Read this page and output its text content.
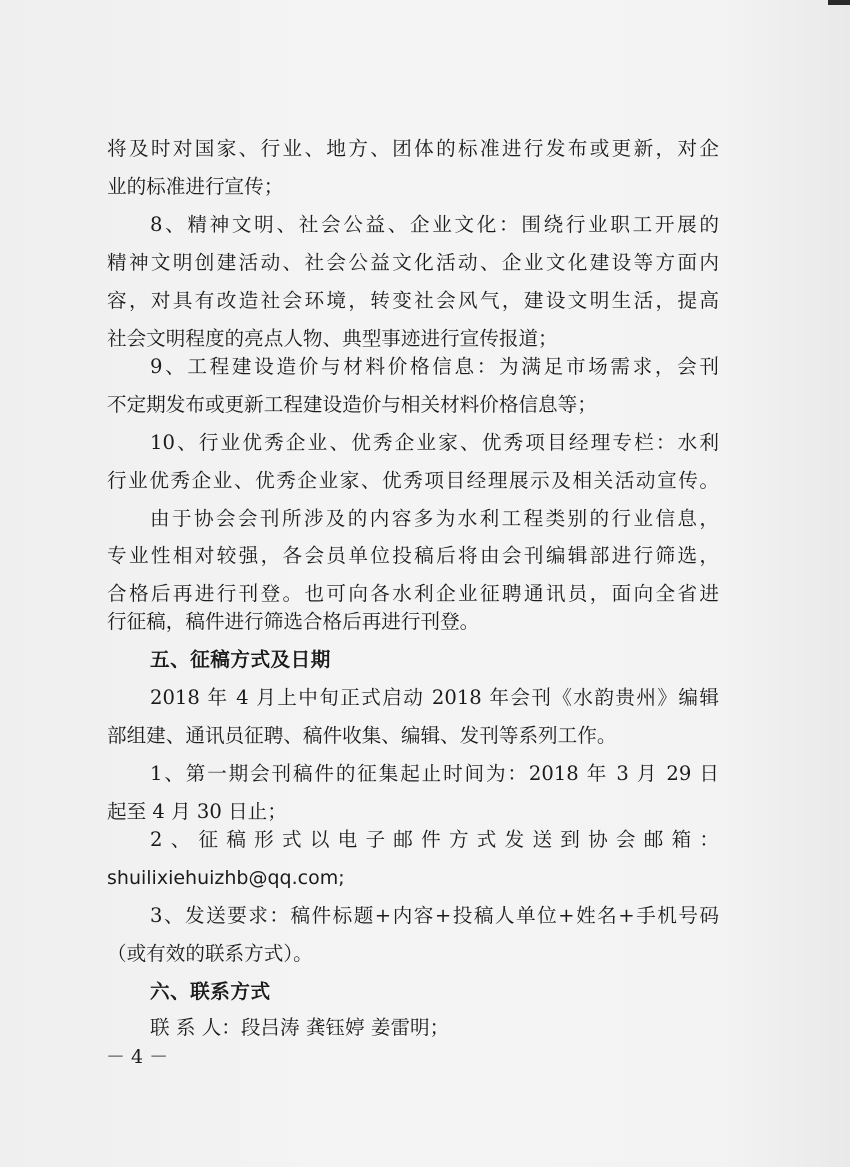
将及时对国家、行业、地方、团体的标准进行发布或更新，对企
业的标准进行宣传；
8、精神文明、社会公益、企业文化：围绕行业职工开展的
精神文明创建活动、社会公益文化活动、企业文化建设等方面内
容，对具有改造社会环境，转变社会风气，建设文明生活，提高
社会文明程度的亮点人物、典型事迹进行宣传报道；
9、工程建设造价与材料价格信息：为满足市场需求，会刊
不定期发布或更新工程建设造价与相关材料价格信息等；
10、行业优秀企业、优秀企业家、优秀项目经理专栏：水利
行业优秀企业、优秀企业家、优秀项目经理展示及相关活动宣传。
由于协会会刊所涉及的内容多为水利工程类别的行业信息，
专业性相对较强，各会员单位投稿后将由会刊编辑部进行筛选，
合格后再进行刊登。也可向各水利企业征聘通讯员，面向全省进
行征稿，稿件进行筛选合格后再进行刊登。
五、征稿方式及日期
2018 年 4 月上中旬正式启动 2018 年会刊《水韵贵州》编辑
部组建、通讯员征聘、稿件收集、编辑、发刊等系列工作。
1、第一期会刊稿件的征集起止时间为：2018 年 3 月 29 日
起至 4 月 30 日止；
2、征稿形式以电子邮件方式发送到协会邮箱：
shuilixiehuizhb@qq.com;
3、发送要求：稿件标题+内容+投稿人单位+姓名+手机号码
（或有效的联系方式）。
六、联系方式
联 系 人：段吕涛 龚钰婷 姜雷明；
－ 4 －
